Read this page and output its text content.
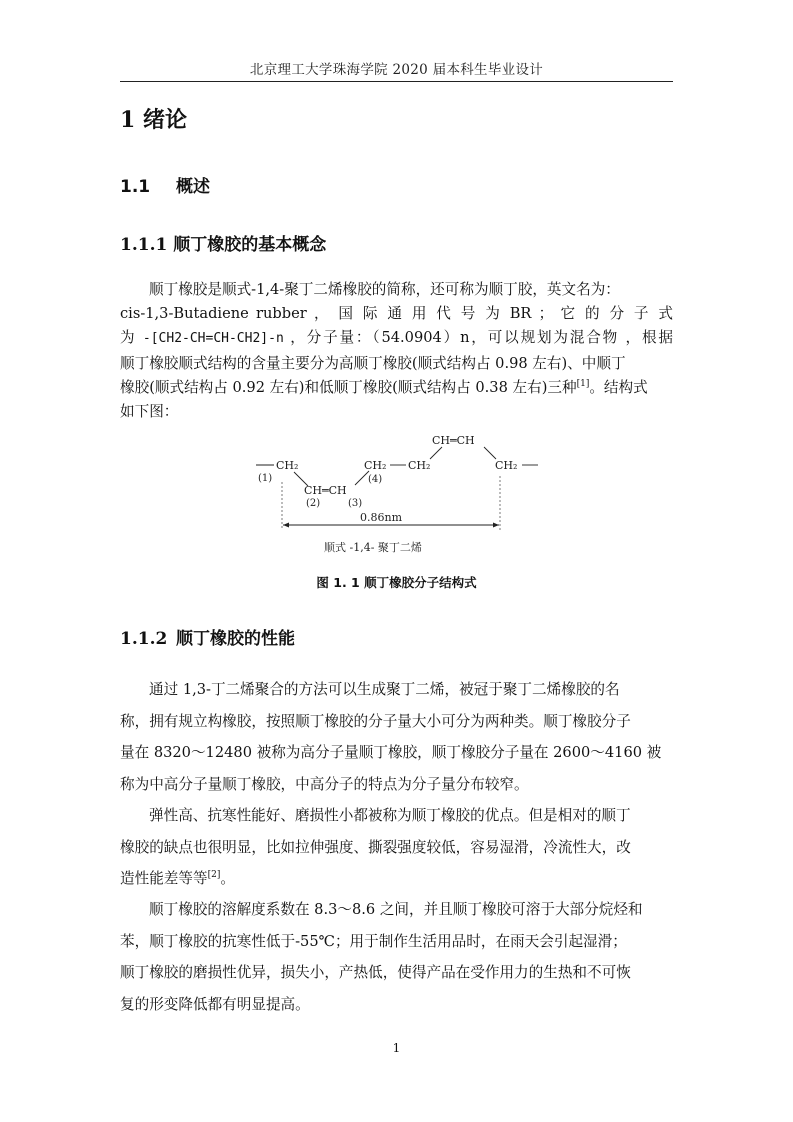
北京理工大学珠海学院 2020 届本科生毕业设计
1 绪论
1.1 概述
1.1.1 顺丁橡胶的基本概念
顺丁橡胶是顺式-1,4-聚丁二烯橡胶的简称，还可称为顺丁胶，英文名为：
cis-1,3-Butadiene rubber ， 国 际 通 用 代 号 为 BR ； 它 的 分 子 式
为 -[CH2-CH=CH-CH2]-n ，分子量：（54.0904）n，可以规划为混合物 ，根据
顺丁橡胶顺式结构的含量主要分为高顺丁橡胶(顺式结构占 0.98 左右)、中顺丁
橡胶(顺式结构占 0.92 左右)和低顺丁橡胶(顺式结构占 0.38 左右)三种[1]。结构式
如下图：
CH₂
(1)
CH═CH
(2)	(3)
CH₂
(4)
CH₂
CH═CH
CH₂
0.86nm
顺式 -1,4- 聚丁二烯
图 1. 1 顺丁橡胶分子结构式
1.1.2 顺丁橡胶的性能
通过 1,3-丁二烯聚合的方法可以生成聚丁二烯，被冠于聚丁二烯橡胶的名
称，拥有规立构橡胶，按照顺丁橡胶的分子量大小可分为两种类。顺丁橡胶分子
量在 8320～12480 被称为高分子量顺丁橡胶，顺丁橡胶分子量在 2600～4160 被
称为中高分子量顺丁橡胶，中高分子的特点为分子量分布较窄。
弹性高、抗寒性能好、磨损性小都被称为顺丁橡胶的优点。但是相对的顺丁
橡胶的缺点也很明显，比如拉伸强度、撕裂强度较低，容易湿滑，冷流性大，改
造性能差等等[2]。
顺丁橡胶的溶解度系数在 8.3～8.6 之间，并且顺丁橡胶可溶于大部分烷烃和
苯，顺丁橡胶的抗寒性低于-55℃；用于制作生活用品时，在雨天会引起湿滑；
顺丁橡胶的磨损性优异，损失小，产热低，使得产品在受作用力的生热和不可恢
复的形变降低都有明显提高。
1
